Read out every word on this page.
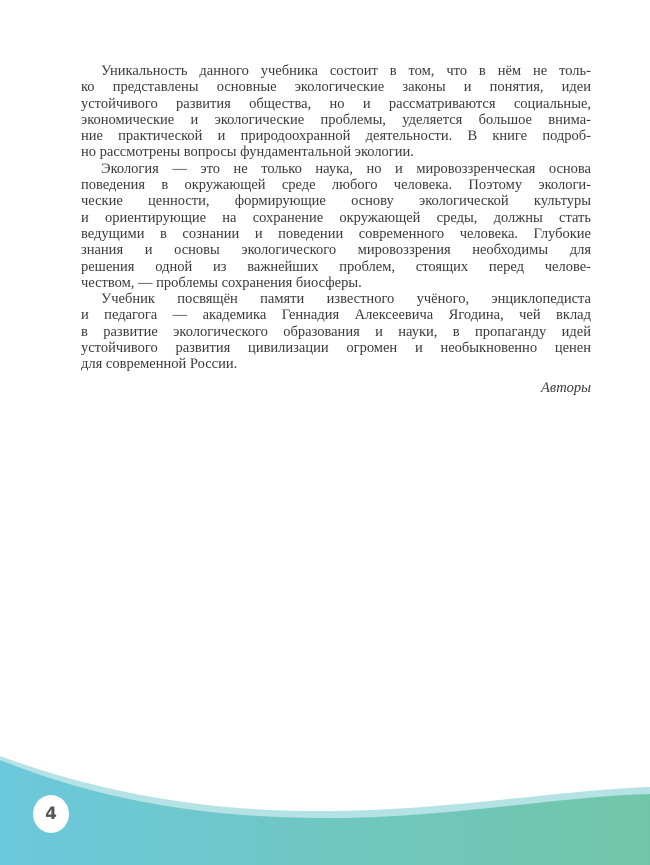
Уникальность данного учебника состоит в том, что в нём не толь-
ко представлены основные экологические законы и понятия, идеи
устойчивого развития общества, но и рассматриваются социальные,
экономические и экологические проблемы, уделяется большое внима-
ние практической и природоохранной деятельности. В книге подроб-
но рассмотрены вопросы фундаментальной экологии.
Экология — это не только наука, но и мировоззренческая основа
поведения в окружающей среде любого человека. Поэтому экологи-
ческие ценности, формирующие основу экологической культуры
и ориентирующие на сохранение окружающей среды, должны стать
ведущими в сознании и поведении современного человека. Глубокие
знания и основы экологического мировоззрения необходимы для
решения одной из важнейших проблем, стоящих перед челове-
чеством, — проблемы сохранения биосферы.
Учебник посвящён памяти известного учёного, энциклопедиста
и педагога — академика Геннадия Алексеевича Ягодина, чей вклад
в развитие экологического образования и науки, в пропаганду идей
устойчивого развития цивилизации огромен и необыкновенно ценен
для современной России.
Авторы
4
